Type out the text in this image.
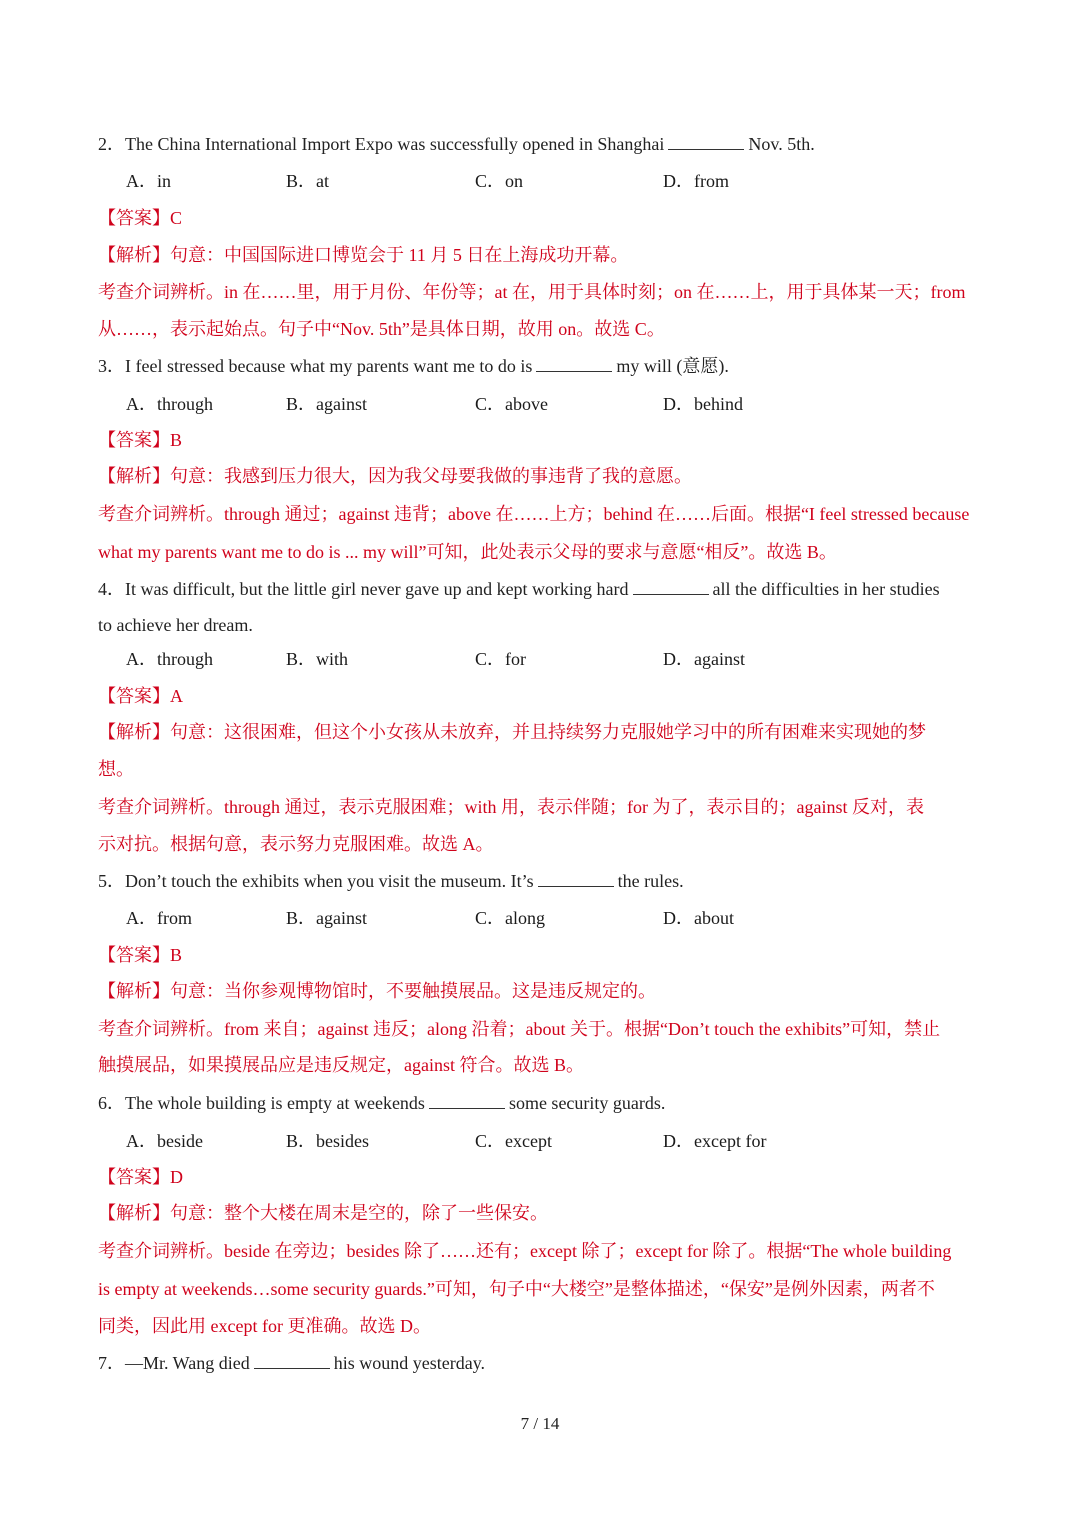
2．The China International Import Expo was successfully opened in Shanghai	Nov. 5th.
A．in	B．at	C．on	D．from
【答案】C
【解析】句意：中国国际进口博览会于 11 月 5 日在上海成功开幕。
考查介词辨析。in 在……里，用于月份、年份等；at 在，用于具体时刻；on 在……上，用于具体某一天；from
从……，表示起始点。句子中“Nov. 5th”是具体日期，故用 on。故选 C。
3．I feel stressed because what my parents want me to do is	my will (意愿).
A．through	B．against	C．above	D．behind
【答案】B
【解析】句意：我感到压力很大，因为我父母要我做的事违背了我的意愿。
考查介词辨析。through 通过；against 违背；above 在……上方；behind 在……后面。根据“I feel stressed because
what my parents want me to do is ... my will”可知，此处表示父母的要求与意愿“相反”。故选 B。
4．It was difficult, but the little girl never gave up and kept working hard	all the difficulties in her studies
to achieve her dream.
A．through	B．with	C．for	D．against
【答案】A
【解析】句意：这很困难，但这个小女孩从未放弃，并且持续努力克服她学习中的所有困难来实现她的梦
想。
考查介词辨析。through 通过，表示克服困难；with 用，表示伴随；for 为了，表示目的；against 反对，表
示对抗。根据句意，表示努力克服困难。故选 A。
5．Don’t touch the exhibits when you visit the museum. It’s	the rules.
A．from	B．against	C．along	D．about
【答案】B
【解析】句意：当你参观博物馆时，不要触摸展品。这是违反规定的。
考查介词辨析。from 来自；against 违反；along 沿着；about 关于。根据“Don’t touch the exhibits”可知，禁止
触摸展品，如果摸展品应是违反规定，against 符合。故选 B。
6．The whole building is empty at weekends	some security guards.
A．beside	B．besides	C．except	D．except for
【答案】D
【解析】句意：整个大楼在周末是空的，除了一些保安。
考查介词辨析。beside 在旁边；besides 除了……还有；except 除了；except for 除了。根据“The whole building
is empty at weekends…some security guards.”可知，句子中“大楼空”是整体描述，“保安”是例外因素，两者不
同类，因此用 except for 更准确。故选 D。
7．—Mr. Wang died	his wound yesterday.
7 / 14
